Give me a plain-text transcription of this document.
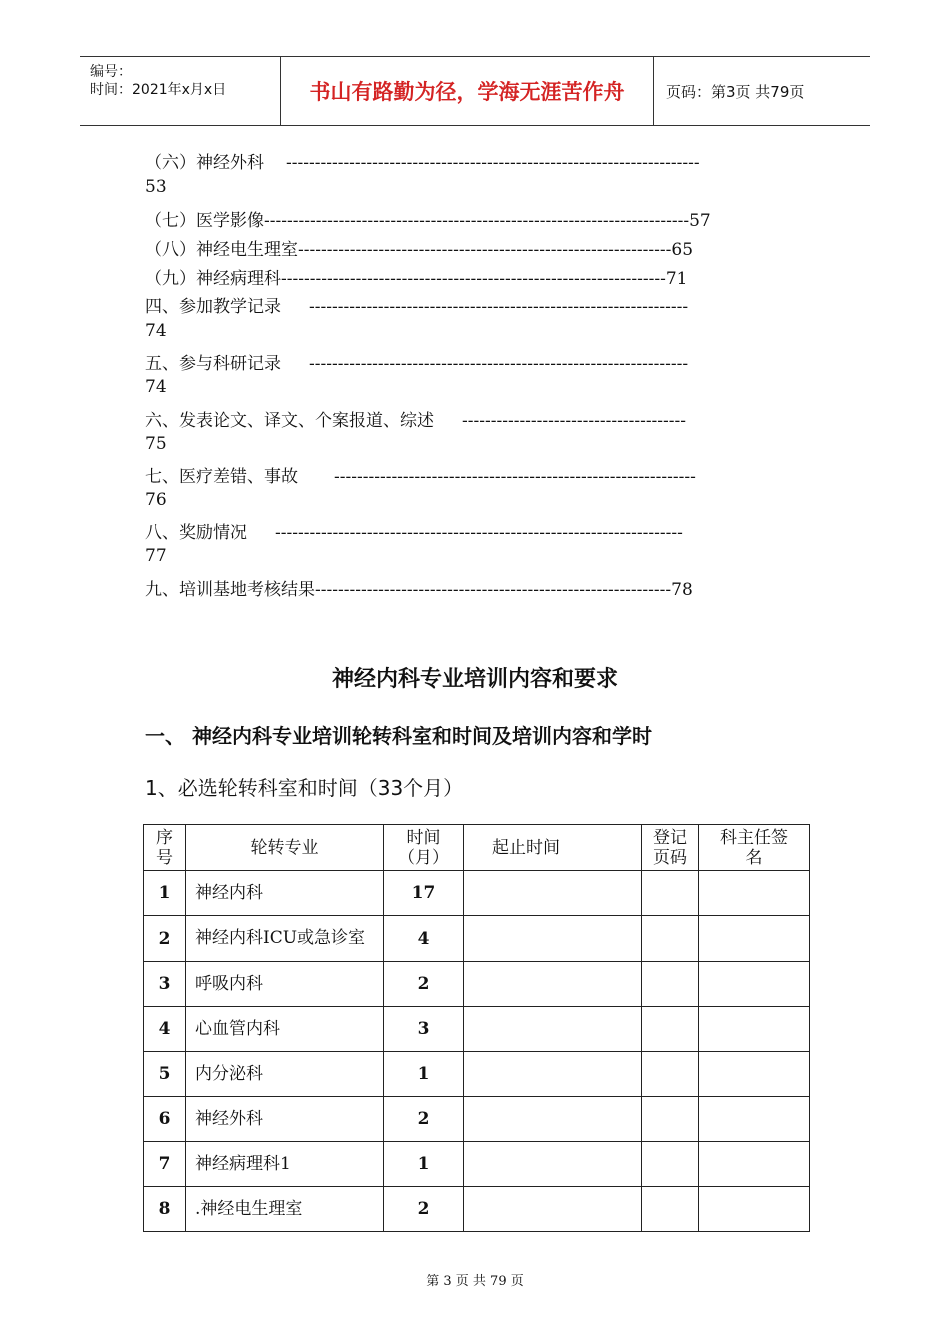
编号：
时间：2021年x月x日	书山有路勤为径，学海无涯苦作舟	页码：第3页 共79页
（六）神经外科 ------------------------------------------------------------------------
53
（七）医学影像--------------------------------------------------------------------------57
（八）神经电生理室-----------------------------------------------------------------65
（九）神经病理科-------------------------------------------------------------------71
四、参加教学记录 ------------------------------------------------------------------
74
五、参与科研记录 ------------------------------------------------------------------
74
六、发表论文、译文、个案报道、综述 ---------------------------------------
75
七、医疗差错、事故 ---------------------------------------------------------------
76
八、奖励情况 -----------------------------------------------------------------------
77
九、培训基地考核结果--------------------------------------------------------------78
神经内科专业培训内容和要求
一、 神经内科专业培训轮转科室和时间及培训内容和学时
1、必选轮转科室和时间（33个月）
序号	轮转专业	时间（月）	起止时间	登记页码	科主任签名
1	神经内科	17			
2	神经内科ICU或急诊室	4			
3	呼吸内科	2			
4	心血管内科	3			
5	内分泌科	1			
6	神经外科	2			
7	神经病理科1	1			
8	.神经电生理室	2			
第 3 页 共 79 页
